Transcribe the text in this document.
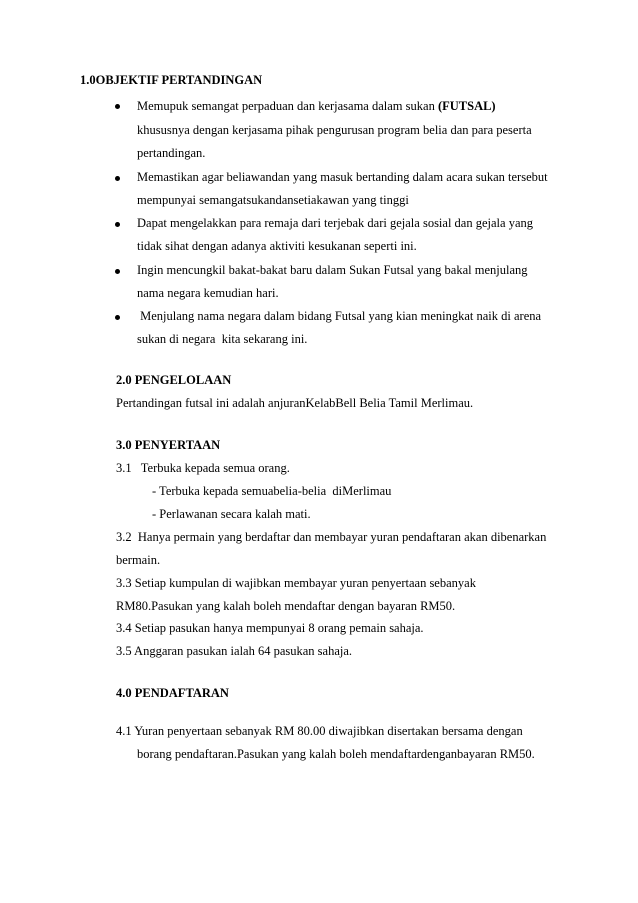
1.0OBJEKTIF PERTANDINGAN
Memupuk semangat perpaduan dan kerjasama dalam sukan (FUTSAL)
khususnya dengan kerjasama pihak pengurusan program belia dan para peserta
pertandingan.
Memastikan agar beliawandan yang masuk bertanding dalam acara sukan tersebut
mempunyai semangatsukandansetiakawan yang tinggi
Dapat mengelakkan para remaja dari terjebak dari gejala sosial dan gejala yang
tidak sihat dengan adanya aktiviti kesukanan seperti ini.
Ingin mencungkil bakat-bakat baru dalam Sukan Futsal yang bakal menjulang
nama negara kemudian hari.
Menjulang nama negara dalam bidang Futsal yang kian meningkat naik di arena
sukan di negara  kita sekarang ini.
2.0 PENGELOLAAN
Pertandingan futsal ini adalah anjuranKelabBell Belia Tamil Merlimau.
3.0 PENYERTAAN
3.1   Terbuka kepada semua orang.
- Terbuka kepada semuabelia-belia  diMerlimau
- Perlawanan secara kalah mati.
3.2  Hanya permain yang berdaftar dan membayar yuran pendaftaran akan dibenarkan
bermain.
3.3 Setiap kumpulan di wajibkan membayar yuran penyertaan sebanyak
RM80.Pasukan yang kalah boleh mendaftar dengan bayaran RM50.
3.4 Setiap pasukan hanya mempunyai 8 orang pemain sahaja.
3.5 Anggaran pasukan ialah 64 pasukan sahaja.
4.0 PENDAFTARAN
4.1 Yuran penyertaan sebanyak RM 80.00 diwajibkan disertakan bersama dengan
borang pendaftaran.Pasukan yang kalah boleh mendaftardenganbayaran RM50.
